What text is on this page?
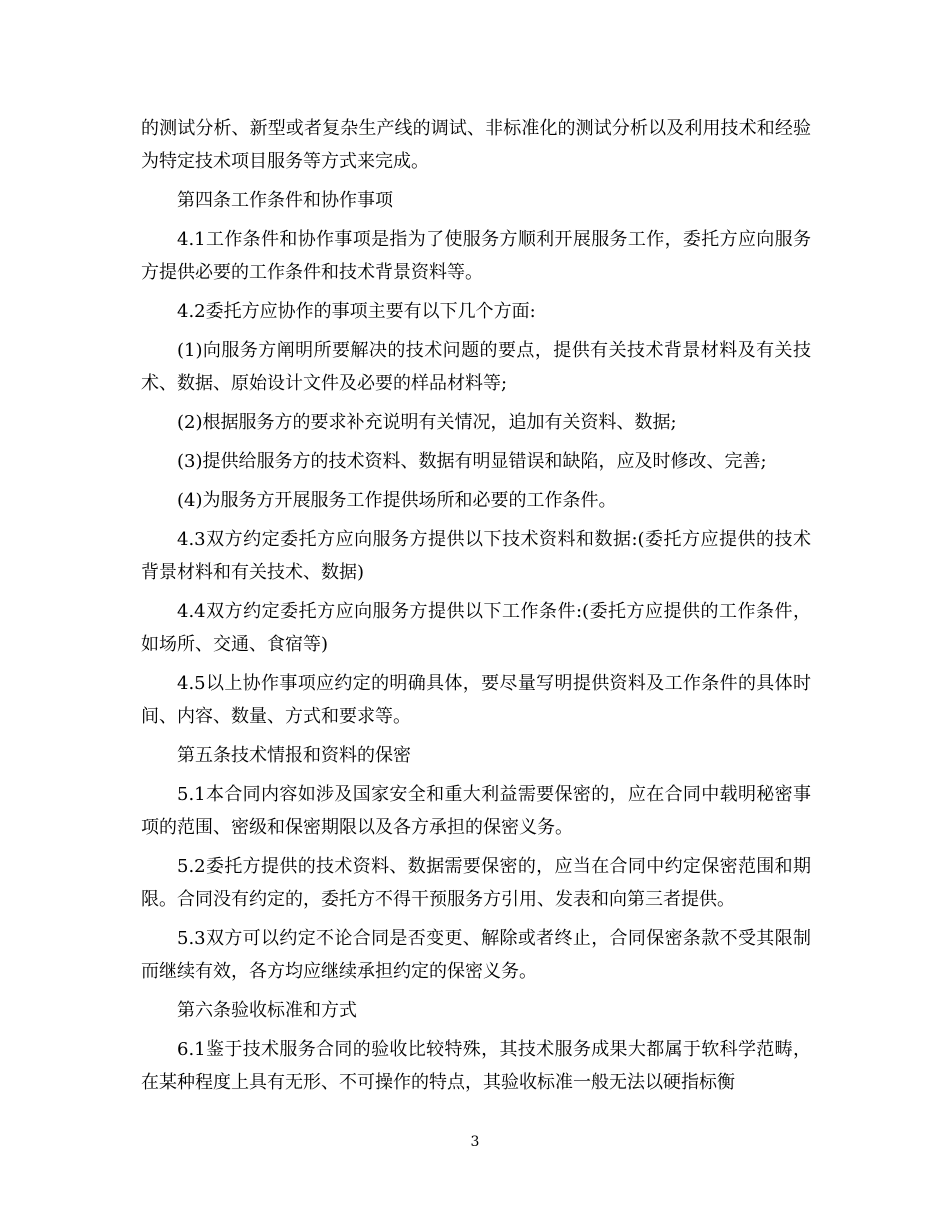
的测试分析、新型或者复杂生产线的调试、非标准化的测试分析以及利用技术和经验为特定技术项目服务等方式来完成。

第四条工作条件和协作事项

4.1工作条件和协作事项是指为了使服务方顺利开展服务工作，委托方应向服务方提供必要的工作条件和技术背景资料等。

4.2委托方应协作的事项主要有以下几个方面:

(1)向服务方阐明所要解决的技术问题的要点，提供有关技术背景材料及有关技术、数据、原始设计文件及必要的样品材料等;

(2)根据服务方的要求补充说明有关情况，追加有关资料、数据;

(3)提供给服务方的技术资料、数据有明显错误和缺陷，应及时修改、完善;

(4)为服务方开展服务工作提供场所和必要的工作条件。

4.3双方约定委托方应向服务方提供以下技术资料和数据:(委托方应提供的技术背景材料和有关技术、数据)

4.4双方约定委托方应向服务方提供以下工作条件:(委托方应提供的工作条件，如场所、交通、食宿等)

4.5以上协作事项应约定的明确具体，要尽量写明提供资料及工作条件的具体时间、内容、数量、方式和要求等。

第五条技术情报和资料的保密

5.1本合同内容如涉及国家安全和重大利益需要保密的，应在合同中载明秘密事项的范围、密级和保密期限以及各方承担的保密义务。

5.2委托方提供的技术资料、数据需要保密的，应当在合同中约定保密范围和期限。合同没有约定的，委托方不得干预服务方引用、发表和向第三者提供。

5.3双方可以约定不论合同是否变更、解除或者终止，合同保密条款不受其限制而继续有效，各方均应继续承担约定的保密义务。

第六条验收标准和方式

6.1鉴于技术服务合同的验收比较特殊，其技术服务成果大都属于软科学范畴，在某种程度上具有无形、不可操作的特点，其验收标准一般无法以硬指标衡

3
